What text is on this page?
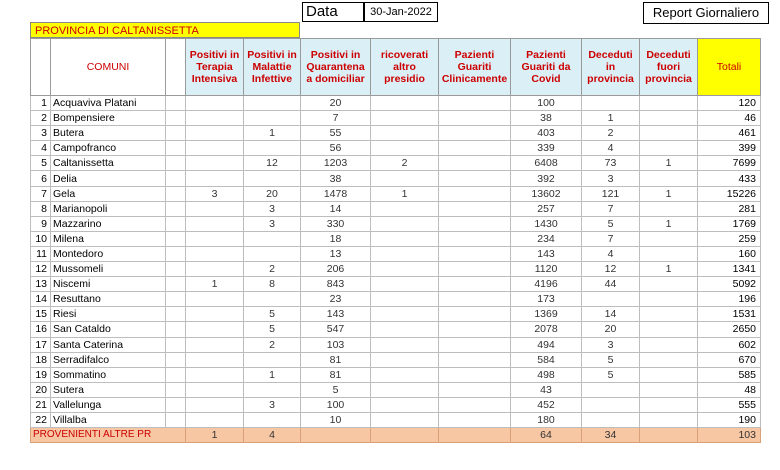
Data	30-Jan-2022	Report Giornaliero
PROVINCIA DI CALTANISSETTA
	COMUNI		Positivi in Terapia Intensiva	Positivi in Malattie Infettive	Positivi in Quarantena a domiciliar	ricoverati altro presidio	Pazienti Guariti Clinicamente	Pazienti Guariti da Covid	Deceduti in provincia	Deceduti fuori provincia	Totali
1	Acquaviva Platani				20			100			120
2	Bompensiere				7			38	1		46
3	Butera			1	55			403	2		461
4	Campofranco				56			339	4		399
5	Caltanissetta			12	1203	2		6408	73	1	7699
6	Delia				38			392	3		433
7	Gela		3	20	1478	1		13602	121	1	15226
8	Marianopoli			3	14			257	7		281
9	Mazzarino			3	330			1430	5	1	1769
10	Milena				18			234	7		259
11	Montedoro				13			143	4		160
12	Mussomeli			2	206			1120	12	1	1341
13	Niscemi		1	8	843			4196	44		5092
14	Resuttano				23			173			196
15	Riesi			5	143			1369	14		1531
16	San Cataldo			5	547			2078	20		2650
17	Santa Caterina			2	103			494	3		602
18	Serradifalco				81			584	5		670
19	Sommatino			1	81			498	5		585
20	Sutera				5			43			48
21	Vallelunga			3	100			452			555
22	Villalba				10			180			190
PROVENIENTI ALTRE PR			1	4				64	34		103
